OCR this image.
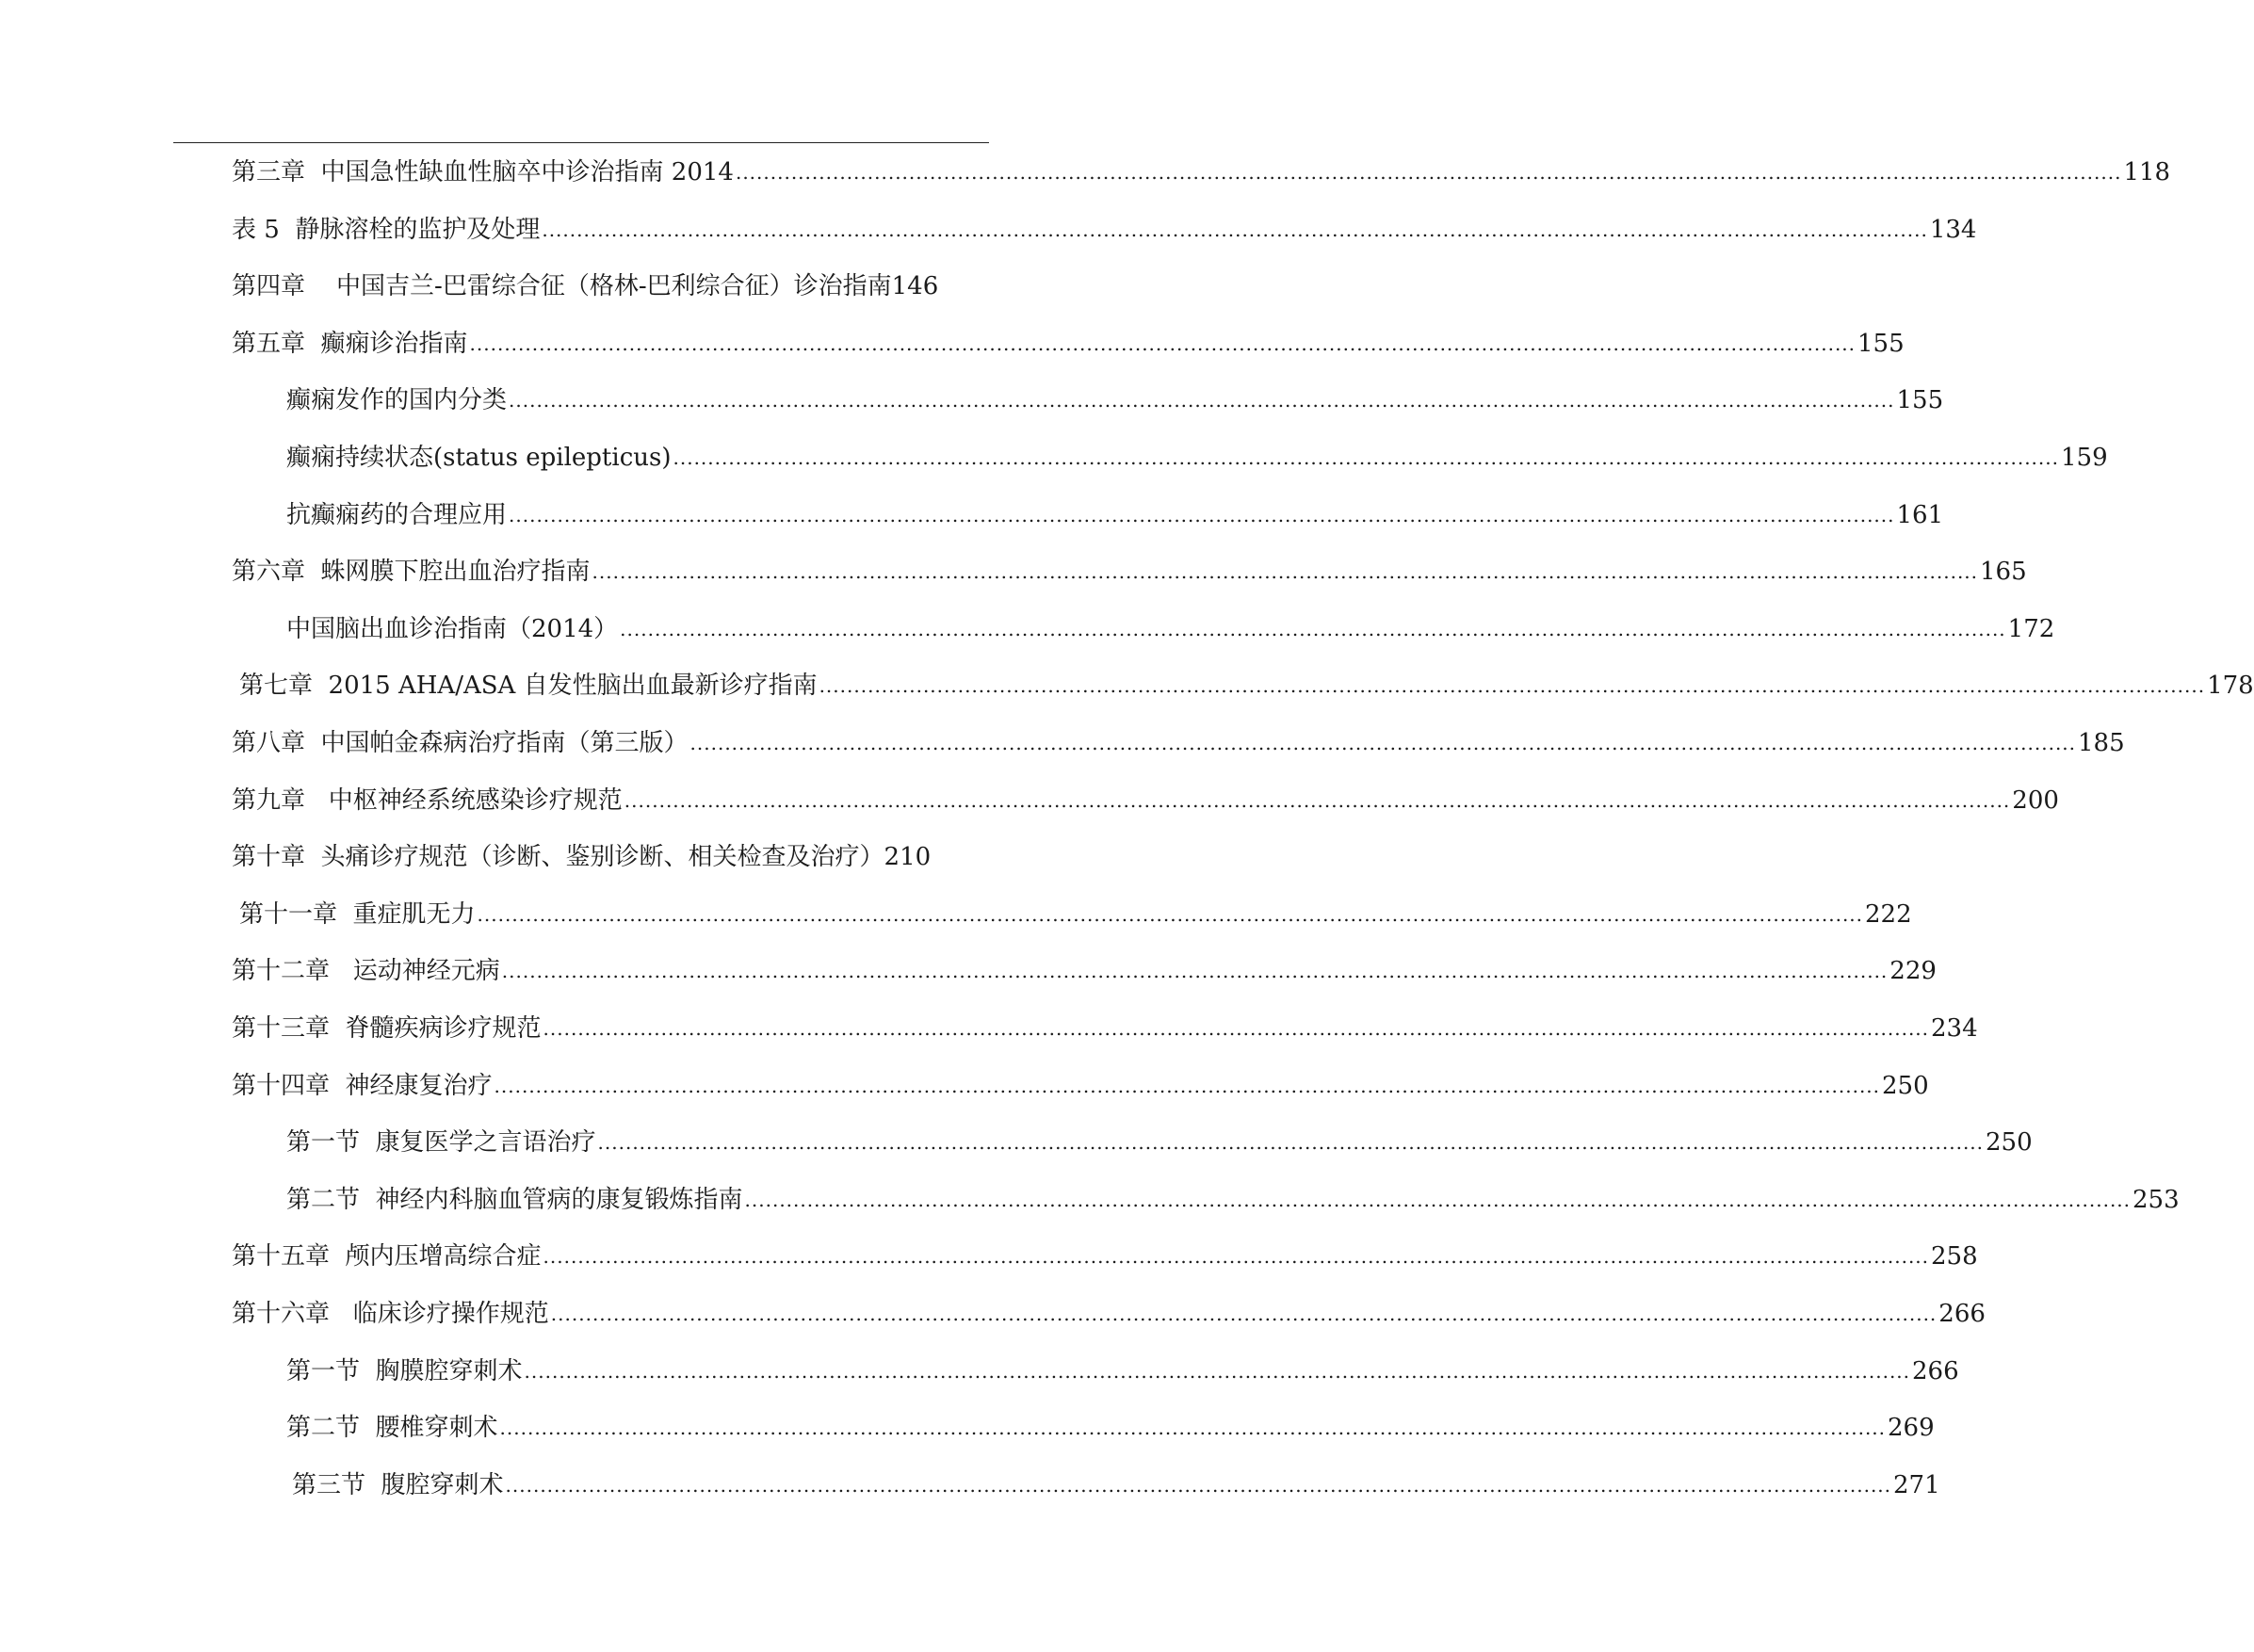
第三章  中国急性缺血性脑卒中诊治指南 2014 ........................................................................................................................................................................................................ 118
表 5  静脉溶栓的监护及处理 ........................................................................................................................................................................................................ 134
第四章    中国吉兰-巴雷综合征（格林-巴利综合征）诊治指南 146
第五章  癫痫诊治指南 ........................................................................................................................................................................................................ 155
癫痫发作的国内分类 ........................................................................................................................................................................................................ 155
癫痫持续状态(status epilepticus) ........................................................................................................................................................................................................ 159
抗癫痫药的合理应用 ........................................................................................................................................................................................................ 161
第六章  蛛网膜下腔出血治疗指南 ........................................................................................................................................................................................................ 165
中国脑出血诊治指南（2014） ........................................................................................................................................................................................................ 172
第七章  2015 AHA/ASA 自发性脑出血最新诊疗指南 ........................................................................................................................................................................................................ 178
第八章  中国帕金森病治疗指南（第三版） ........................................................................................................................................................................................................ 185
第九章   中枢神经系统感染诊疗规范 ........................................................................................................................................................................................................ 200
第十章  头痛诊疗规范（诊断、鉴别诊断、相关检查及治疗） 210
第十一章  重症肌无力 ........................................................................................................................................................................................................ 222
第十二章   运动神经元病 ........................................................................................................................................................................................................ 229
第十三章  脊髓疾病诊疗规范 ........................................................................................................................................................................................................ 234
第十四章  神经康复治疗 ........................................................................................................................................................................................................ 250
第一节  康复医学之言语治疗 ........................................................................................................................................................................................................ 250
第二节  神经内科脑血管病的康复锻炼指南 ........................................................................................................................................................................................................ 253
第十五章  颅内压增高综合症 ........................................................................................................................................................................................................ 258
第十六章   临床诊疗操作规范 ........................................................................................................................................................................................................ 266
第一节  胸膜腔穿刺术 ........................................................................................................................................................................................................ 266
第二节  腰椎穿刺术 ........................................................................................................................................................................................................ 269
第三节  腹腔穿刺术 ........................................................................................................................................................................................................ 271
